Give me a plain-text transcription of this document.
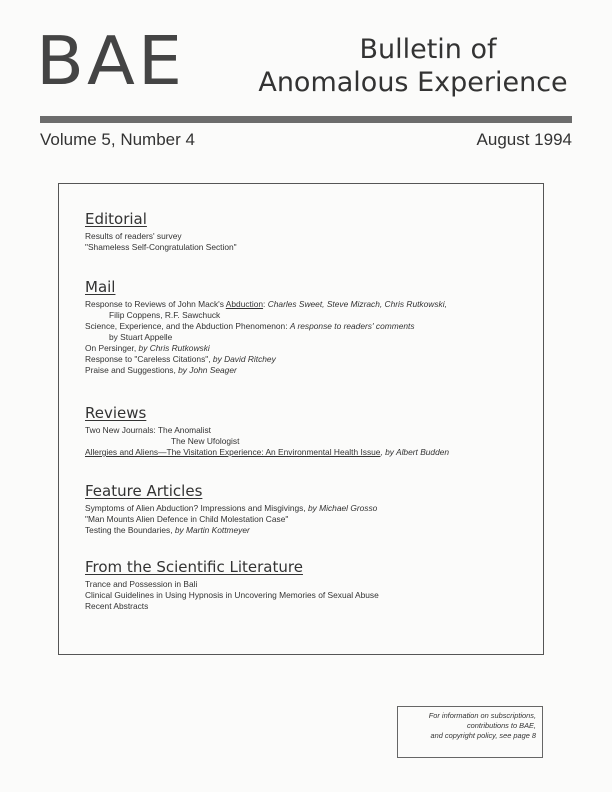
BAE	Bulletin of
Anomalous Experience
Volume 5, Number 4	August 1994
Editorial
Results of readers' survey
"Shameless Self-Congratulation Section"
Mail
Response to Reviews of John Mack's Abduction: Charles Sweet, Steve Mizrach, Chris Rutkowski,
Filip Coppens, R.F. Sawchuck
Science, Experience, and the Abduction Phenomenon: A response to readers' comments
by Stuart Appelle
On Persinger, by Chris Rutkowski
Response to "Careless Citations", by David Ritchey
Praise and Suggestions, by John Seager
Reviews
Two New Journals: The Anomalist
The New Ufologist
Allergies and Aliens—The Visitation Experience: An Environmental Health Issue, by Albert Budden
Feature Articles
Symptoms of Alien Abduction? Impressions and Misgivings, by Michael Grosso
"Man Mounts Alien Defence in Child Molestation Case"
Testing the Boundaries, by Martin Kottmeyer
From the Scientific Literature
Trance and Possession in Bali
Clinical Guidelines in Using Hypnosis in Uncovering Memories of Sexual Abuse
Recent Abstracts
For information on subscriptions,
contributions to BAE,
and copyright policy, see page 8
